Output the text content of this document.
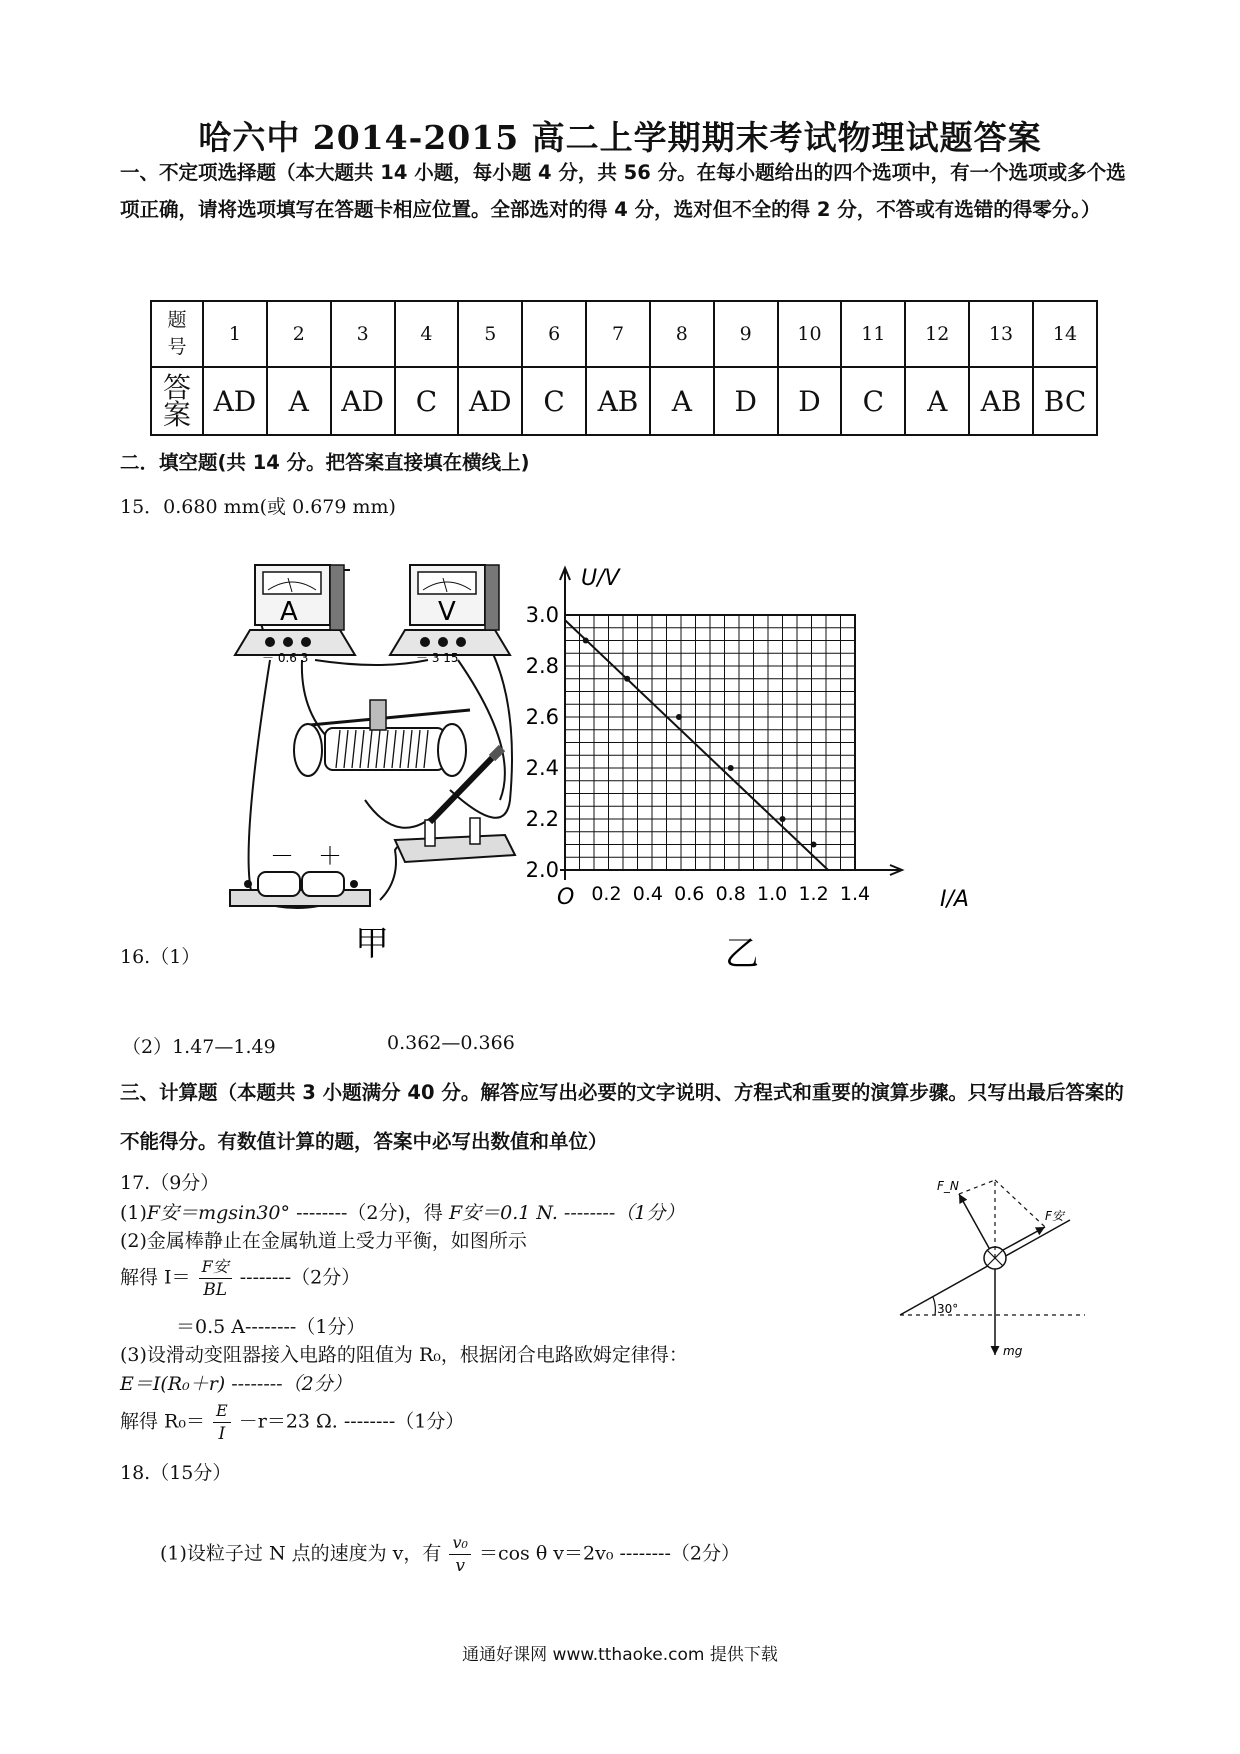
哈六中 2014-2015 高二上学期期末考试物理试题答案
一、不定项选择题（本大题共 14 小题，每小题 4 分，共 56 分。在每小题给出的四个选项中，有一个选项或多个选项正确，请将选项填写在答题卡相应位置。全部选对的得 4 分，选对但不全的得 2 分，不答或有选错的得零分。）
题
号	1	2	3	4	5	6	7	8	9	10	11	12	13	14

答
案	AD	A	AD	C	AD	C	AB	A	D	D	C	A	AB	BC
二．填空题(共 14 分。把答案直接填在横线上)
15．0.680 mm(或 0.679 mm)
A
－ 0.6 3
V
－ 3 15
－ ＋
甲
0.2 0.4 0.6 0.8 1.0 1.2 1.4
3.0
2.8
2.6
2.4
2.2
2.0
O
U/V
I/A
乙
16.（1）
（2）1.47—1.49	0.362—0.366
三、计算题（本题共 3 小题满分 40 分。解答应写出必要的文字说明、方程式和重要的演算步骤。只写出最后答案的不能得分。有数值计算的题，答案中必写出数值和单位）
17.（9分）
(1)F安＝mgsin30° --------（2分)，得 F安＝0.1 N. --------（1分）
(2)金属棒静止在金属轨道上受力平衡，如图所示
解得 $I= \frac{\text{F安}}{BL} --------(2$分）
＝0.5 A--------（1分）
(3)设滑动变阻器接入电路的阻值为 R₀，根据闭合电路欧姆定律得：
E＝I(R₀＋r) --------（2分）
解得 $R_0= \frac{E}{I} -r=23$ Ω. --------（1分）
18.（15分）
(1)设粒子过 N 点的速度为 v，有 $\frac{\text{v₀}}{v} =\cos$ θ v＝2v₀ --------（2分）
F_N
F安
mg
30°
通通好课网 www.tthaoke.com 提供下载
